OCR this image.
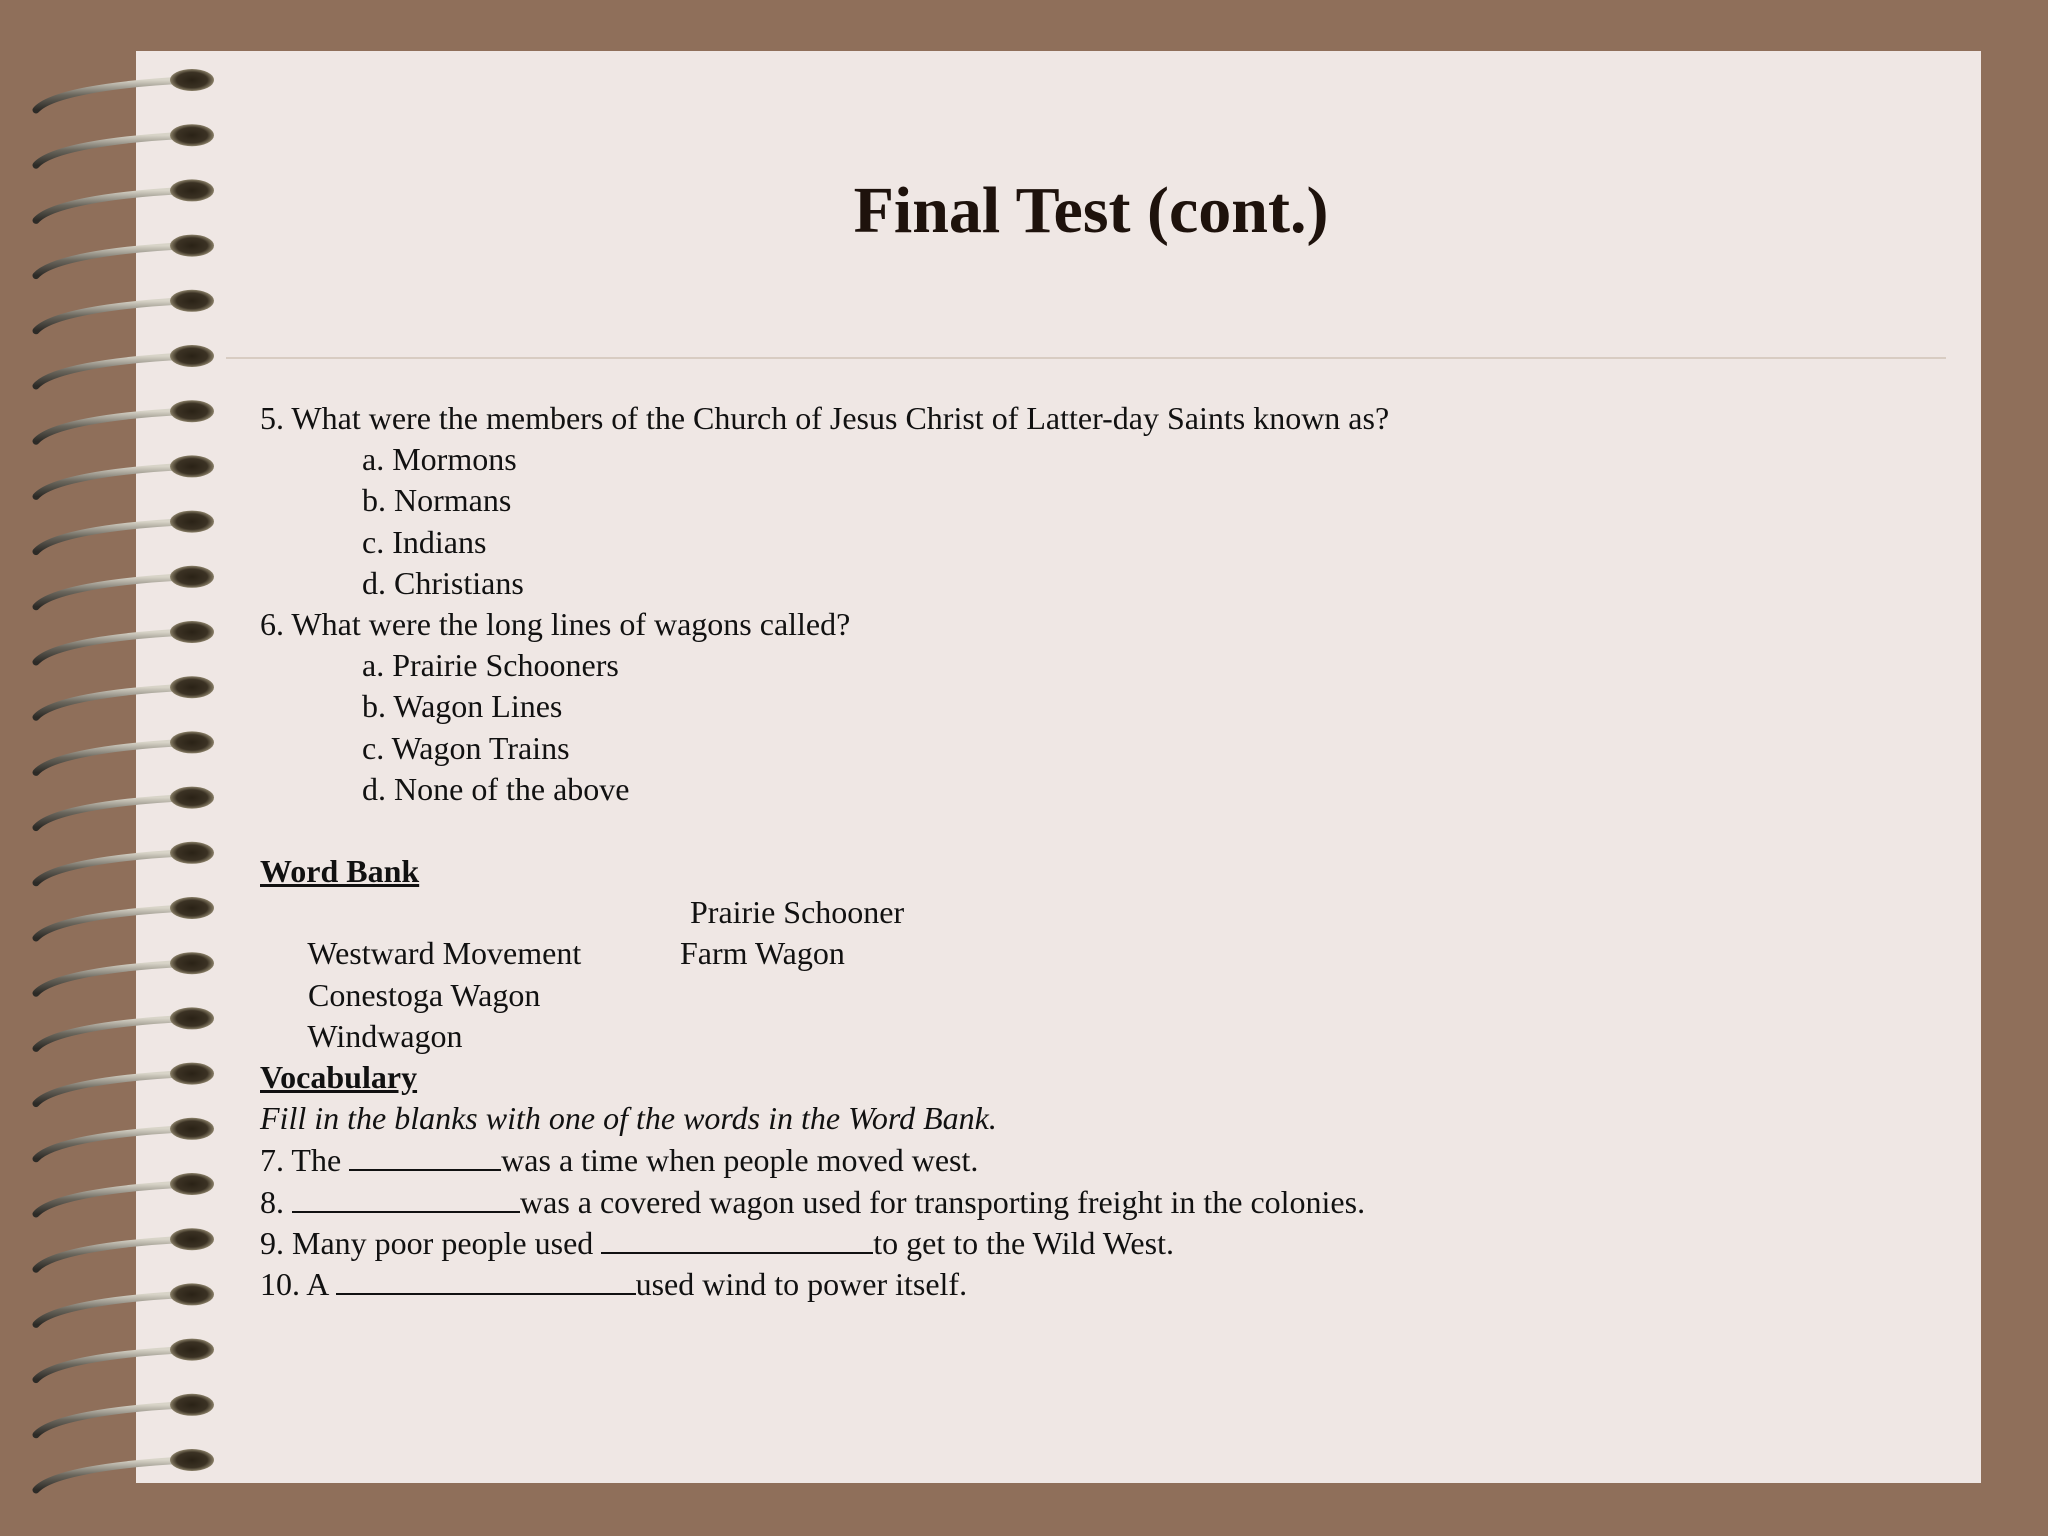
Final Test (cont.)
5. What were the members of the Church of Jesus Christ of Latter-day Saints known as?
a. Mormons
b. Normans
c. Indians
d. Christians
6. What were the long lines of wagons called?
a. Prairie Schooners
b. Wagon Lines
c. Wagon Trains
d. None of the above
Word Bank

Westward Movement

Prairie Schooner

Conestoga Wagon

Farm Wagon

Windwagon

Vocabulary
Fill in the blanks with one of the words in the Word Bank.
7. The	was a time when people moved west.
8.	was a covered wagon used for transporting freight in the colonies.
9. Many poor people used	to get to the Wild West.
10. A	used wind to power itself.
